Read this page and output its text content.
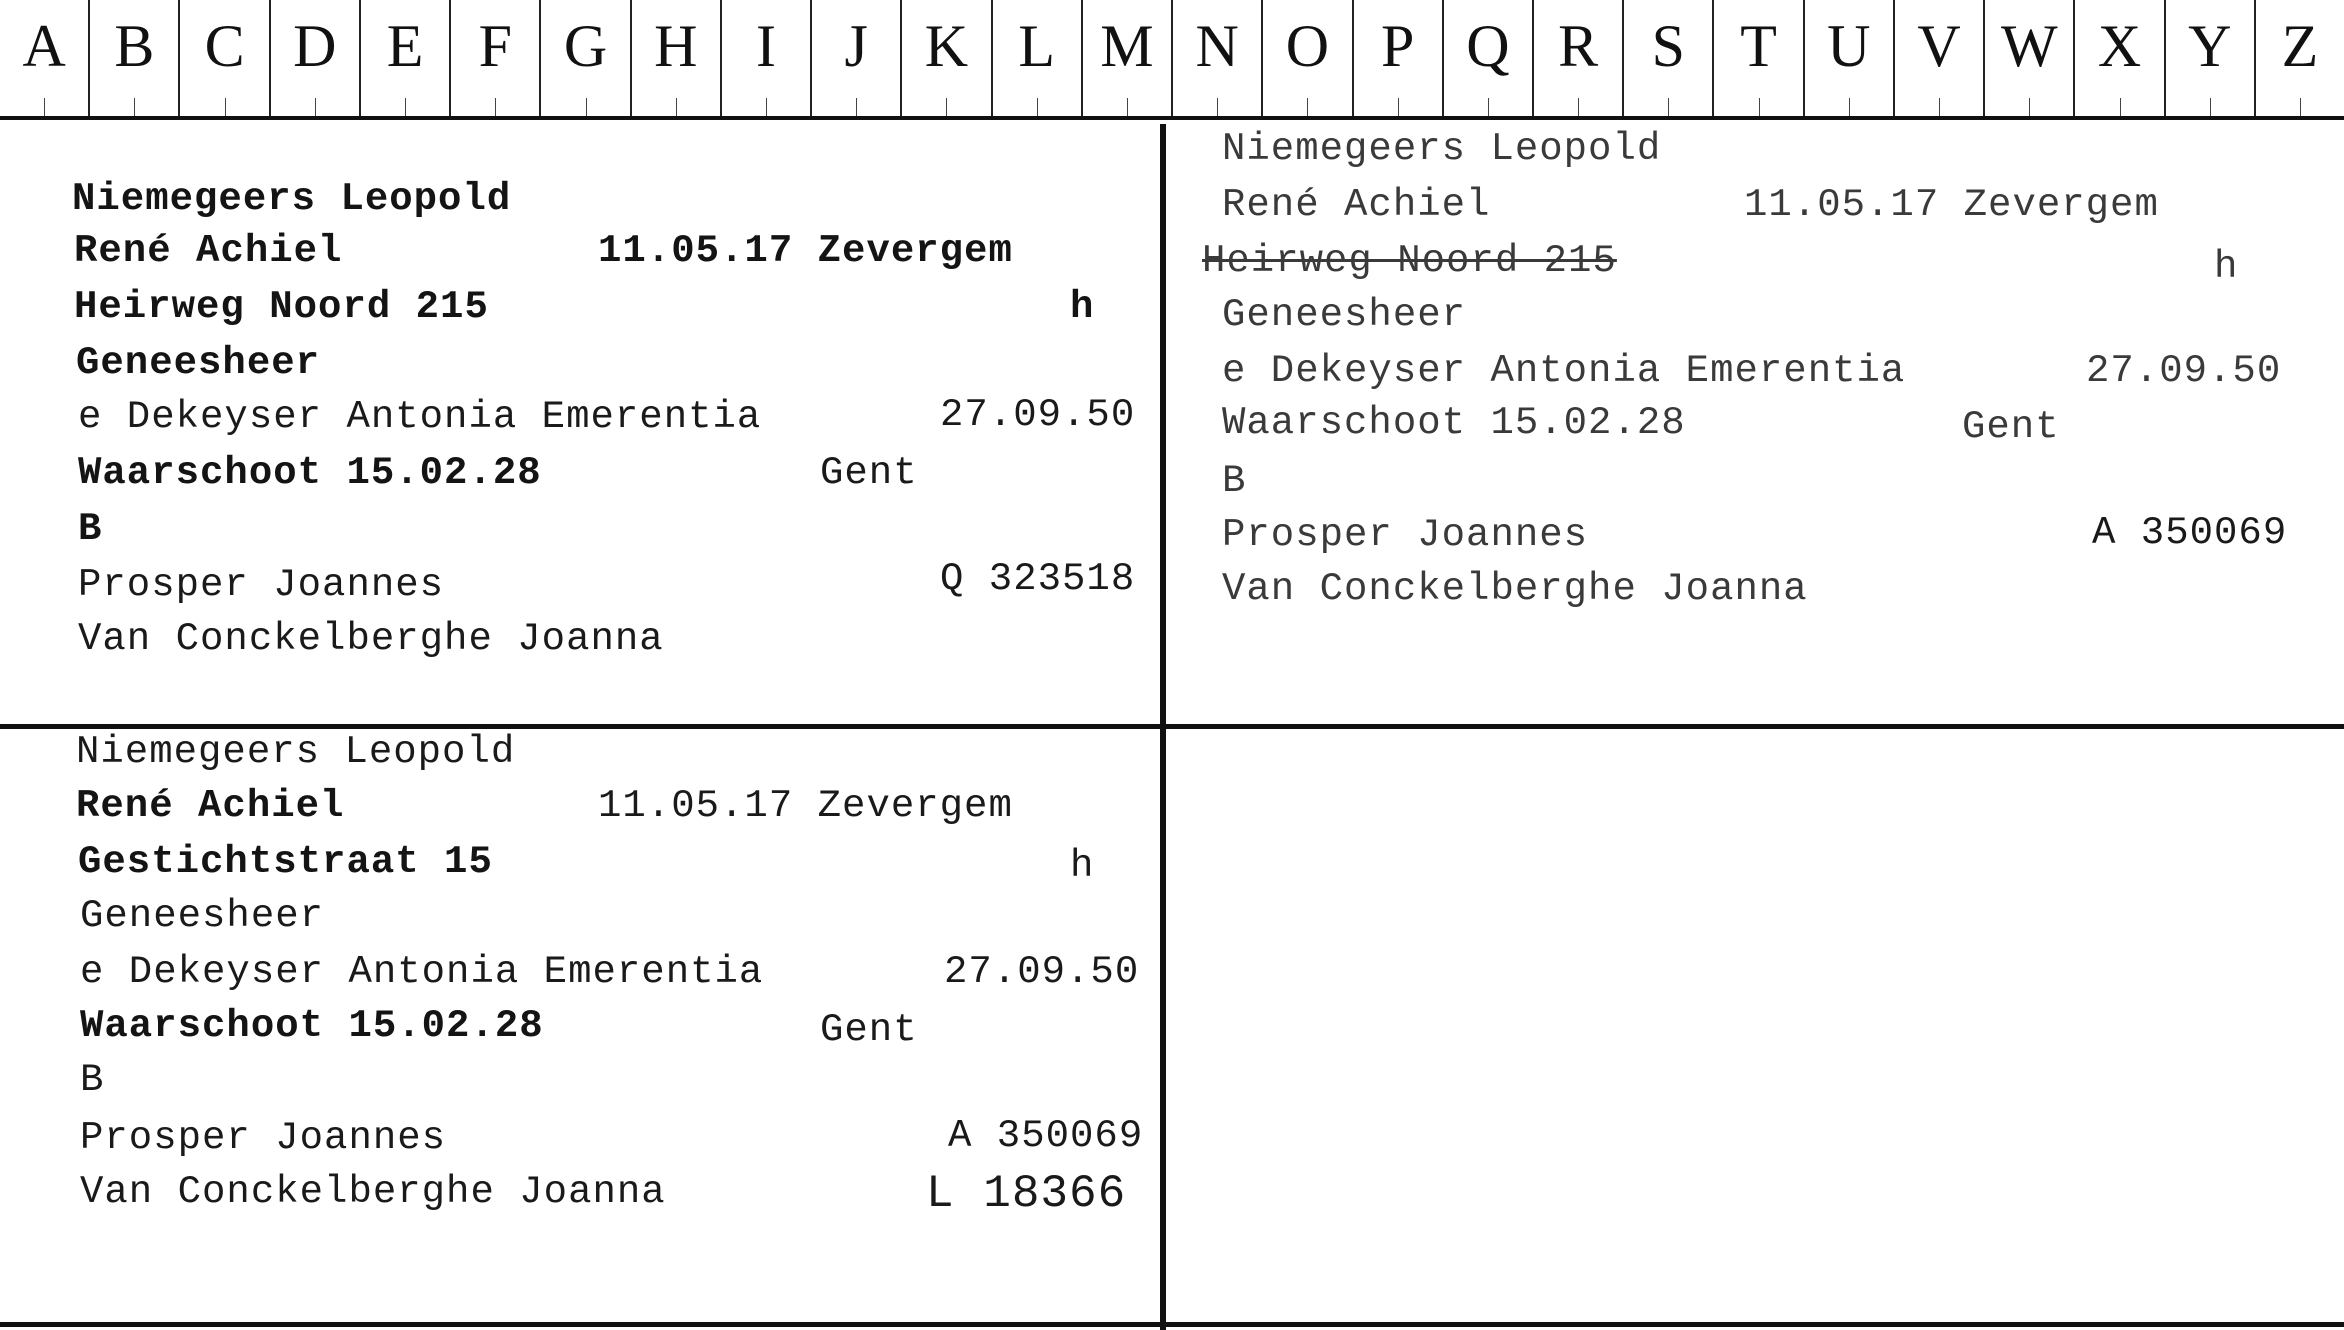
A B C D E F G H I	J K L M N O P Q R S T U V W X Y Z
Niemegeers Leopold
René Achiel	11.05.17 Zevergem
Heirweg Noord 215	h
Geneesheer
e Dekeyser Antonia Emerentia	27.09.50
Waarschoot 15.02.28	Gent
B
Prosper Joannes	Q 323518
Van Conckelberghe Joanna
Niemegeers Leopold
René Achiel	11.05.17 Zevergem
Heirweg Noord 215	h
Geneesheer
e Dekeyser Antonia Emerentia	27.09.50
Waarschoot 15.02.28	Gent
B
Prosper Joannes	A 350069
Van Conckelberghe Joanna
Niemegeers Leopold
René Achiel	11.05.17 Zevergem
Gestichtstraat 15	h
Geneesheer
e Dekeyser Antonia Emerentia	27.09.50
Waarschoot 15.02.28	Gent
B
Prosper Joannes	A 350069
Van Conckelberghe Joanna	L 18366
